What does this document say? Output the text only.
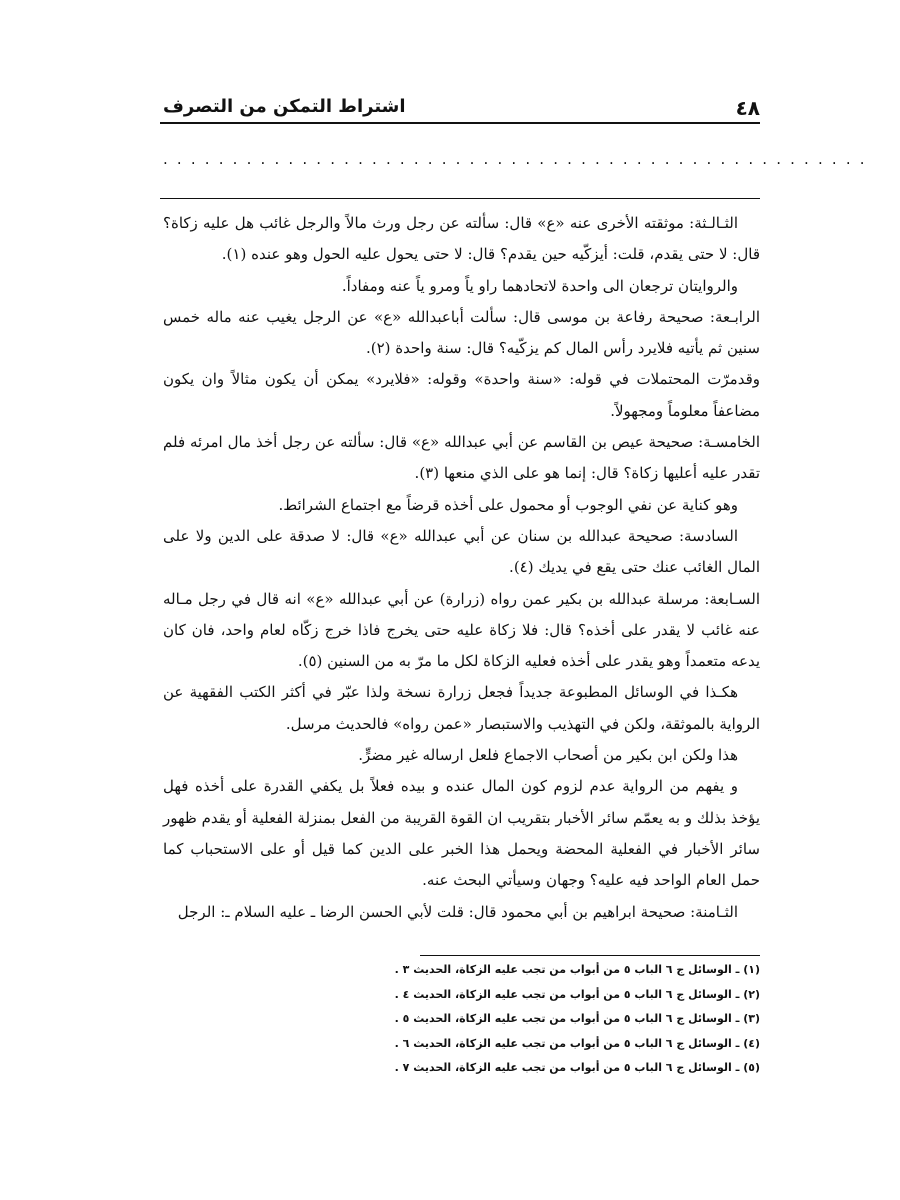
٤٨
اشتراط التمكن من التصرف
. . . . . . . . . . . . . . . . . . . . . . . . . . . . . . . . . . . . . . . . . . . . . . . . . . .

الثـالـثة: موثقته الأخرى عنه «ع» قال: سألته عن رجل ورث مالاً والرجل غائب هل عليه زكاة؟ قال: لا حتى يقدم، قلت: أيزكّيه حين يقدم؟ قال: لا حتى يحول عليه الحول وهو عنده (١).

والروايتان ترجعان الى واحدة لاتحادهما راو ياً ومرو ياً عنه ومفاداً.

الرابـعة: صحيحة رفاعة بن موسى قال: سألت أباعبدالله «ع» عن الرجل يغيب عنه ماله خمس سنين ثم يأتيه فلايرد رأس المال كم يزكّيه؟ قال: سنة واحدة (٢).

وقدمرّت المحتملات في قوله: «سنة واحدة» وقوله: «فلايرد» يمكن أن يكون مثالاً وان يكون مضاعفاً معلوماً ومجهولاً.

الخامسـة: صحيحة عيص بن القاسم عن أبي عبدالله «ع» قال: سألته عن رجل أخذ مال امرئه فلم تقدر عليه أعليها زكاة؟ قال: إنما هو على الذي منعها (٣).

وهو كناية عن نفي الوجوب أو محمول على أخذه قرضاً مع اجتماع الشرائط.

السادسة: صحيحة عبدالله بن سنان عن أبي عبدالله «ع» قال: لا صدقة على الدين ولا على المال الغائب عنك حتى يقع في يديك (٤).

السـابعة: مرسلة عبدالله بن بكير عمن رواه (زرارة) عن أبي عبدالله «ع» انه قال في رجل مـاله عنه غائب لا يقدر على أخذه؟ قال: فلا زكاة عليه حتى يخرج فاذا خرج زكّاه لعام واحد، فان كان يدعه متعمداً وهو يقدر على أخذه فعليه الزكاة لكل ما مرّ به من السنين (٥).

هكـذا في الوسائل المطبوعة جديداً فجعل زرارة نسخة ولذا عبّر في أكثر الكتب الفقهية عن الرواية بالموثقة، ولكن في التهذيب والاستبصار «عمن رواه» فالحديث مرسل.

هذا ولكن ابن بكير من أصحاب الاجماع فلعل ارساله غير مضرٍّ.

و يفهم من الرواية عدم لزوم كون المال عنده و بيده فعلاً بل يكفي القدرة على أخذه فهل يؤخذ بذلك و به يعمّم سائر الأخبار بتقريب ان القوة القريبة من الفعل بمنزلة الفعلية أو يقدم ظهور سائر الأخبار في الفعلية المحضة ويحمل هذا الخبر على الدين كما قيل أو على الاستحباب كما حمل العام الواحد فيه عليه؟ وجهان وسيأتي البحث عنه.

الثـامنة: صحيحة ابراهيم بن أبي محمود قال: قلت لأبي الحسن الرضا ـ عليه السلام ـ: الرجل

(١) ـ الوسائل ج ٦ الباب ٥ من أبواب من تجب عليه الزكاة، الحديث ٣ .
(٢) ـ الوسائل ج ٦ الباب ٥ من أبواب من تجب عليه الزكاة، الحديث ٤ .
(٣) ـ الوسائل ج ٦ الباب ٥ من أبواب من تجب عليه الزكاة، الحديث ٥ .
(٤) ـ الوسائل ج ٦ الباب ٥ من أبواب من تجب عليه الزكاة، الحديث ٦ .
(٥) ـ الوسائل ج ٦ الباب ٥ من أبواب من تجب عليه الزكاة، الحديث ٧ .
